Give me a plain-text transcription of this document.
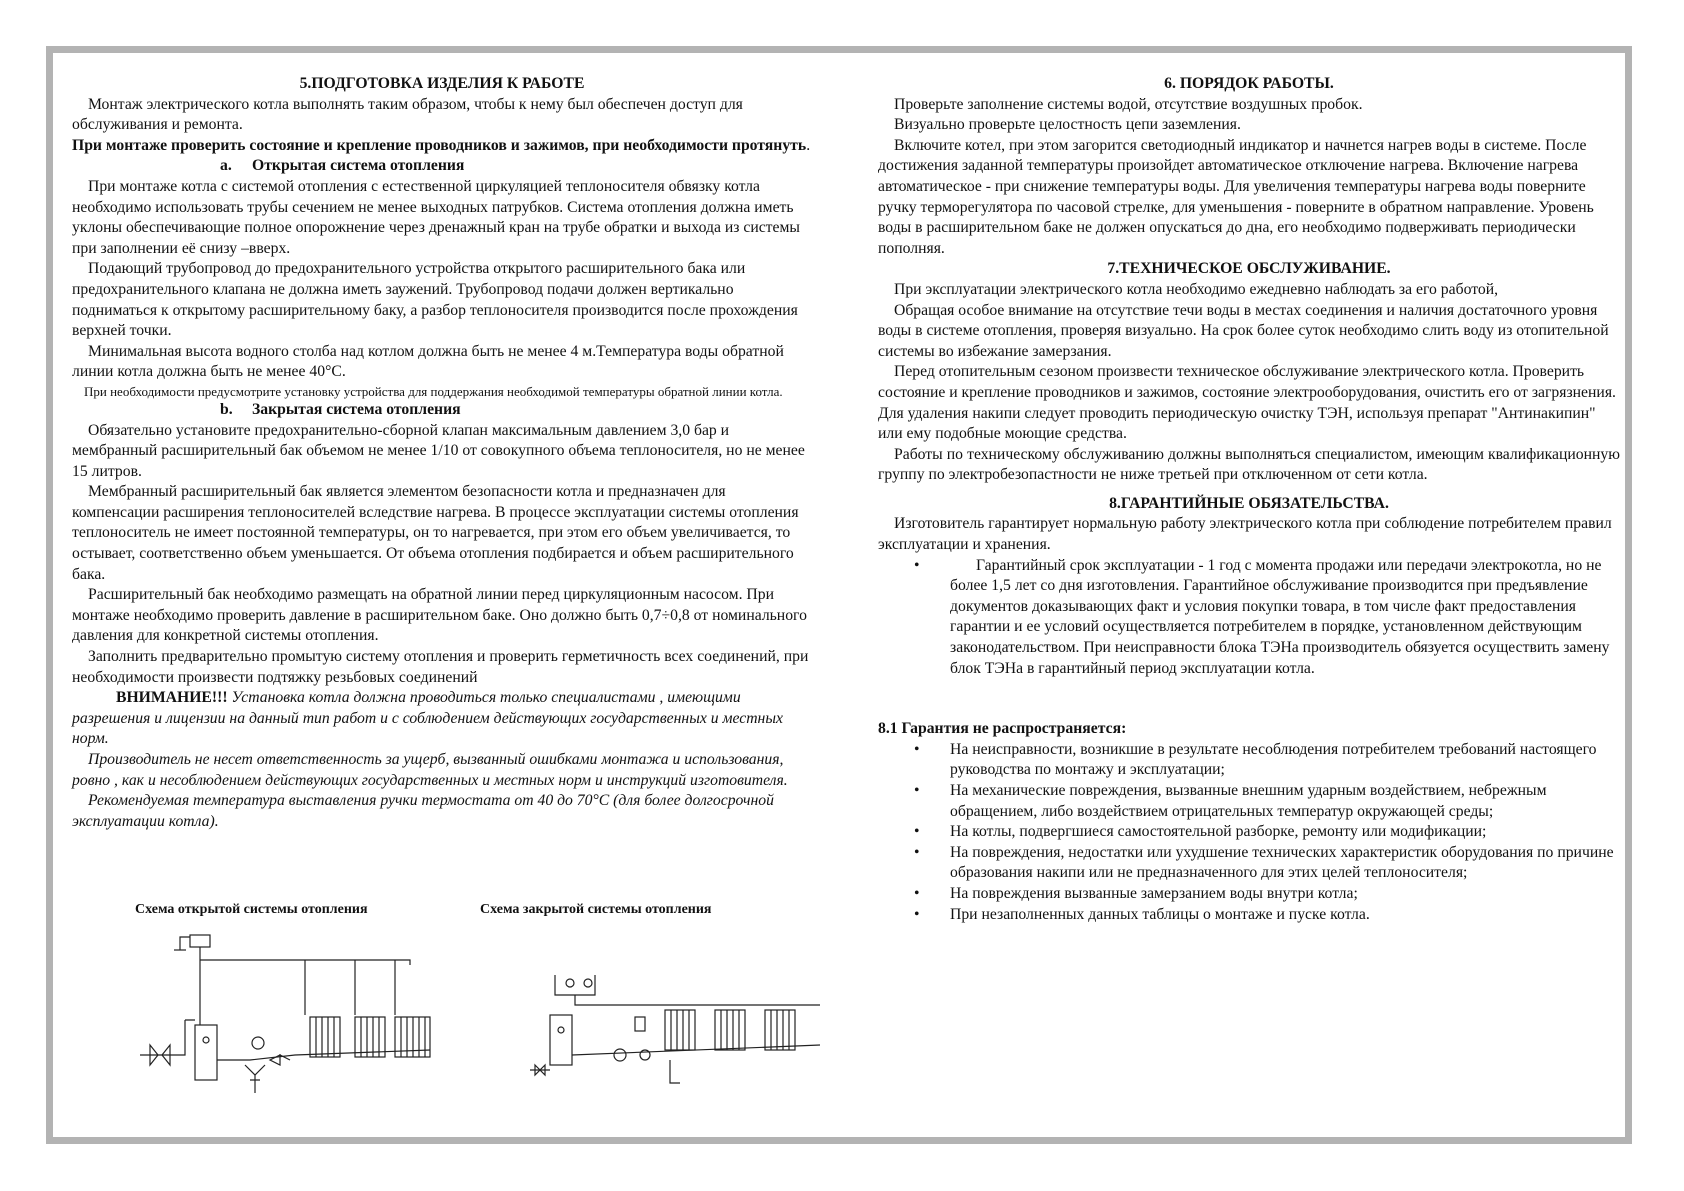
5.ПОДГОТОВКА ИЗДЕЛИЯ К РАБОТЕ

Монтаж электрического котла выполнять таким образом, чтобы к нему был обеспечен доступ для обслуживания и ремонта.

При монтаже проверить состояние и крепление проводников и зажимов, при необходимости протянуть.

a. Открытая система отопления

При монтаже котла с системой отопления с естественной циркуляцией теплоносителя обвязку котла необходимо использовать трубы сечением не менее выходных патрубков. Система отопления должна иметь уклоны обеспечивающие полное опорожнение через дренажный кран на трубе обратки и выхода из системы при заполнении её снизу –вверх.

Подающий трубопровод до предохранительного устройства открытого расширительного бака или предохранительного клапана не должна иметь заужений. Трубопровод подачи должен вертикально подниматься к открытому расширительному баку, а разбор теплоносителя производится после прохождения верхней точки.

Минимальная высота водного столба над котлом должна быть не менее 4 м.Температура воды обратной линии котла должна быть не менее 40°С.

При необходимости предусмотрите установку устройства для поддержания необходимой температуры обратной линии котла.

b. Закрытая система отопления

Обязательно установите предохранительно-сборной клапан максимальным давлением 3,0 бар и мембранный расширительный бак объемом не менее 1/10 от совокупного объема теплоносителя, но не менее 15 литров.

Мембранный расширительный бак является элементом безопасности котла и предназначен для компенсации расширения теплоносителей вследствие нагрева. В процессе эксплуатации системы отопления теплоноситель не имеет постоянной температуры, он то нагревается, при этом его объем увеличивается, то остывает, соответственно объем уменьшается. От объема отопления подбирается и объем расширительного бака.

Расширительный бак необходимо размещать на обратной линии перед циркуляционным насосом. При монтаже необходимо проверить давление в расширительном баке. Оно должно быть 0,7÷0,8 от номинального давления для конкретной системы отопления.

Заполнить предварительно промытую систему отопления и проверить герметичность всех соединений, при необходимости произвести подтяжку резьбовых соединений

ВНИМАНИЕ!!! Установка котла должна проводиться только специалистами , имеющими разрешения и лицензии на данный тип работ и с соблюдением действующих государственных и местных норм.

Производитель не несет ответственность за ущерб, вызванный ошибками монтажа и использования, ровно , как и несоблюдением действующих государственных и местных норм и инструкций изготовителя.

Рекомендуемая температура выставления ручки термостата от 40 до 70°С (для более долгосрочной эксплуатации котла).

Схема открытой системы отопления	Схема закрытой системы отопления

6. ПОРЯДОК РАБОТЫ.

Проверьте заполнение системы водой, отсутствие воздушных пробок.

Визуально проверьте целостность цепи заземления.

Включите котел, при этом загорится светодиодный индикатор и начнется нагрев воды в системе. После достижения заданной температуры произойдет автоматическое отключение нагрева. Включение нагрева автоматическое - при снижение температуры воды. Для увеличения температуры нагрева воды поверните ручку терморегулятора по часовой стрелке, для уменьшения - поверните в обратном направление. Уровень воды в расширительном баке не должен опускаться до дна, его необходимо подверживать периодически пополняя.

7.ТЕХНИЧЕСКОЕ ОБСЛУЖИВАНИЕ.

При эксплуатации электрического котла необходимо ежедневно наблюдать за его работой,

Обращая особое внимание на отсутствие течи воды в местах соединения и наличия достаточного уровня воды в системе отопления, проверяя визуально. На срок более суток необходимо слить воду из отопительной системы во избежание замерзания.

Перед отопительным сезоном произвести техническое обслуживание электрического котла. Проверить состояние и крепление проводников и зажимов, состояние электрооборудования, очистить его от загрязнения. Для удаления накипи следует проводить периодическую очистку ТЭН, используя препарат "Антинакипин" или ему подобные моющие средства.

Работы по техническому обслуживанию должны выполняться специалистом, имеющим квалификационную группу по электробезопастности не ниже третьей при отключенном от сети котла.

8.ГАРАНТИЙНЫЕ ОБЯЗАТЕЛЬСТВА.

Изготовитель гарантирует нормальную работу электрического котла при соблюдение потребителем правил эксплуатации и хранения.

•	Гарантийный срок эксплуатации - 1 год с момента продажи или передачи электрокотла, но не более 1,5 лет со дня изготовления. Гарантийное обслуживание производится при предъявление документов доказывающих факт и условия покупки товара, в том числе факт предоставления гарантии и ее условий осуществляется потребителем в порядке, установленном действующим законодательством. При неисправности блока ТЭНа производитель обязуется осуществить замену блок ТЭНа в гарантийный период эксплуатации котла.

8.1 Гарантия не распространяется:

• На неисправности, возникшие в результате несоблюдения потребителем требований настоящего руководства по монтажу и эксплуатации;
• На механические повреждения, вызванные внешним ударным воздействием, небрежным обращением, либо воздействием отрицательных температур окружающей среды;
• На котлы, подвергшиеся самостоятельной разборке, ремонту или модификации;
• На повреждения, недостатки или ухудшение технических характеристик оборудования по причине образования накипи или не предназначенного для этих целей теплоносителя;
• На повреждения вызванные замерзанием воды внутри котла;
• При незаполненных данных таблицы о монтаже и пуске котла.
